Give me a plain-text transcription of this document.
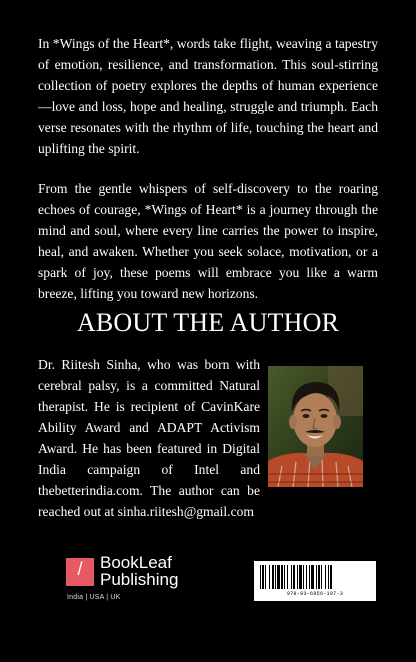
In *Wings of the Heart*, words take flight, weaving a tapestry of emotion, resilience, and transformation. This soul-stirring collection of poetry explores the depths of human experience—love and loss, hope and healing, struggle and triumph. Each verse resonates with the rhythm of life, touching the heart and uplifting the spirit.

From the gentle whispers of self-discovery to the roaring echoes of courage, *Wings of Heart* is a journey through the mind and soul, where every line carries the power to inspire, heal, and awaken. Whether you seek solace, motivation, or a spark of joy, these poems will embrace you like a warm breeze, lifting you toward new horizons.

ABOUT THE AUTHOR

Dr. Riitesh Sinha, who was born with cerebral palsy, is a committed Natural therapist. He is recipient of CavinKare Ability Award and ADAPT Activism Award. He has been featured in Digital India campaign of Intel and thebetterindia.com. The author can be reached out at sinha.riitesh@gmail.com

/	BookLeaf
Publishing
India | USA | UK	978-93-6956-197-3
